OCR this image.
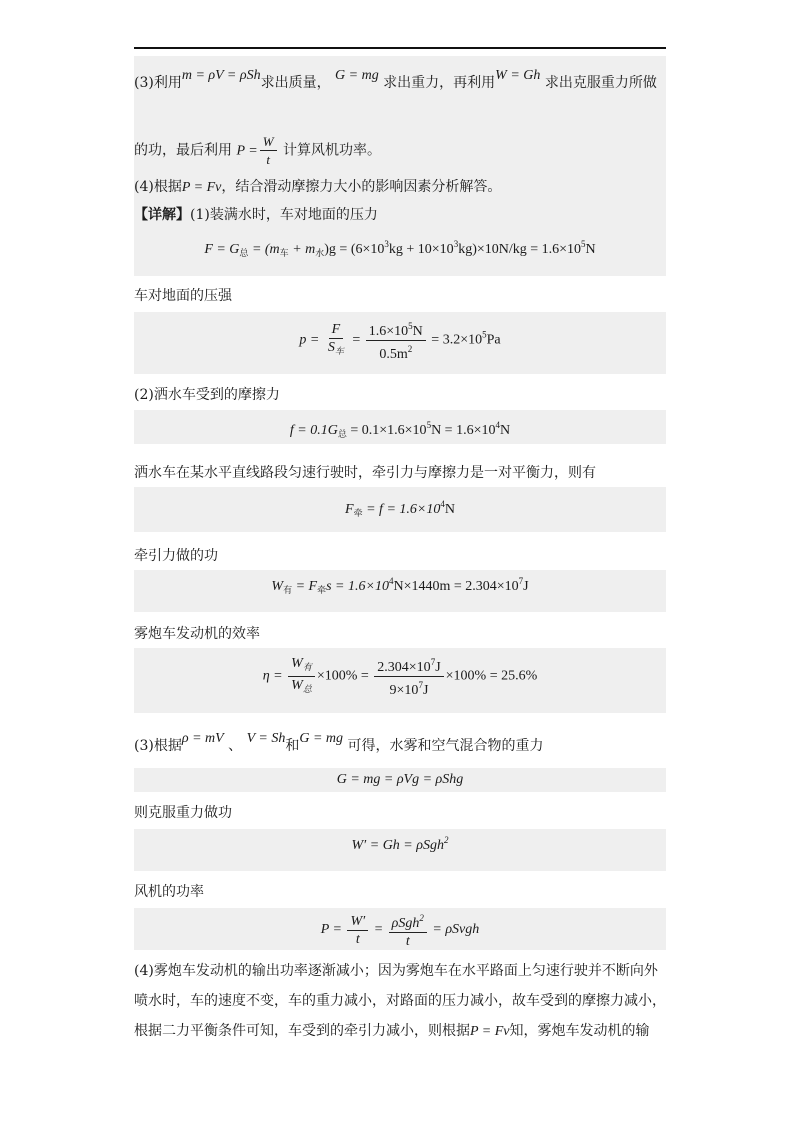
(3)利用m = ρV = ρSh求出质量， G = mg 求出重力，再利用W = Gh 求出克服重力所做
的功，最后利用 $P = \frac{W}{t}$ 计算风机功率。
(4)根据P = Fv，结合滑动摩擦力大小的影响因素分析解答。
【详解】(1)装满水时，车对地面的压力
$F = G_总 = (m_车 + m_水)g = (6\times 10^3kg + 10\times 10^3kg)\times 10N/kg = 1.6\times 10^5N$
车对地面的压强
$p = \frac{F}{S_车} = \frac{1.6\times 10^5N}{0.5m^2} = 3.2\times 10^5Pa$
(2)洒水车受到的摩擦力
$f = 0.1G_总 = 0.1\times 1.6\times 10^5N = 1.6\times 10^4N$
洒水车在某水平直线路段匀速行驶时，牵引力与摩擦力是一对平衡力，则有
$F_牵 = f = 1.6\times 10^4N$
牵引力做的功
$W_有 = F_牵s = 1.6\times 10^4N\times 1440m = 2.304\times 10^7J$
雾炮车发动机的效率
$\eta = \frac{W_有}{W_总} \times 100\% = \frac{2.304\times 10^7J}{9\times 10^7J} \times 100\% = 25.6\%$
(3)根据ρ = mV 、 V = Sh和G = mg 可得，水雾和空气混合物的重力
G = mg = ρVg = ρShg
则克服重力做功
W′ = Gh = ρSgh$^2$
风机的功率
$P = \frac{W'}{t} = \frac{\rho Sgh^2}{t}$ = ρSvgh
(4)雾炮车发动机的输出功率逐渐减小；因为雾炮车在水平路面上匀速行驶并不断向外
喷水时，车的速度不变，车的重力减小，对路面的压力减小，故车受到的摩擦力减小，
根据二力平衡条件可知，车受到的牵引力减小，则根据P = Fv知，雾炮车发动机的输
